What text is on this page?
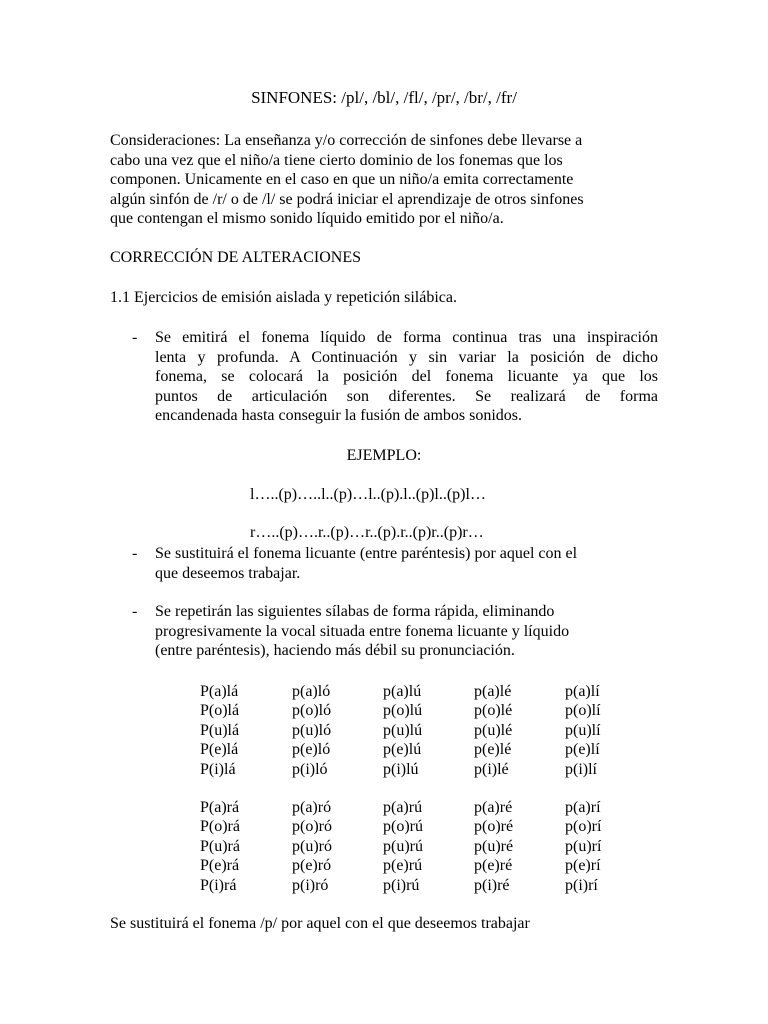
SINFONES: /pl/, /bl/, /fl/, /pr/, /br/, /fr/
Consideraciones: La enseñanza y/o corrección de sinfones debe llevarse a
cabo una vez que el niño/a tiene cierto dominio de los fonemas que los
componen. Unicamente en el caso en que un niño/a emita correctamente
algún sinfón de /r/ o de /l/ se podrá iniciar el aprendizaje de otros sinfones
que contengan el mismo sonido líquido emitido por el niño/a.
CORRECCIÓN DE ALTERACIONES
1.1 Ejercicios de emisión aislada y repetición silábica.
- Se emitirá el fonema líquido de forma continua tras una inspiración
lenta y profunda. A Continuación y sin variar la posición de dicho
fonema, se colocará la posición del fonema licuante ya que los
puntos de articulación son diferentes. Se realizará de forma
encandenada hasta conseguir la fusión de ambos sonidos.
EJEMPLO:
l…..(p)…..l..(p)…l..(p).l..(p)l..(p)l…
r…..(p)….r..(p)…r..(p).r..(p)r..(p)r…
- Se sustituirá el fonema licuante (entre paréntesis) por aquel con el
que deseemos trabajar.
- Se repetirán las siguientes sílabas de forma rápida, eliminando
progresivamente la vocal situada entre fonema licuante y líquido
(entre paréntesis), haciendo más débil su pronunciación.
P(a)lá	p(a)ló	p(a)lú	p(a)lé	p(a)lí
P(o)lá	p(o)ló	p(o)lú	p(o)lé	p(o)lí
P(u)lá	p(u)ló	p(u)lú	p(u)lé	p(u)lí
P(e)lá	p(e)ló	p(e)lú	p(e)lé	p(e)lí
P(i)lá	p(i)ló	p(i)lú	p(i)lé	p(i)lí
P(a)rá	p(a)ró	p(a)rú	p(a)ré	p(a)rí
P(o)rá	p(o)ró	p(o)rú	p(o)ré	p(o)rí
P(u)rá	p(u)ró	p(u)rú	p(u)ré	p(u)rí
P(e)rá	p(e)ró	p(e)rú	p(e)ré	p(e)rí
P(i)rá	p(i)ró	p(i)rú	p(i)ré	p(i)rí
Se sustituirá el fonema /p/ por aquel con el que deseemos trabajar
